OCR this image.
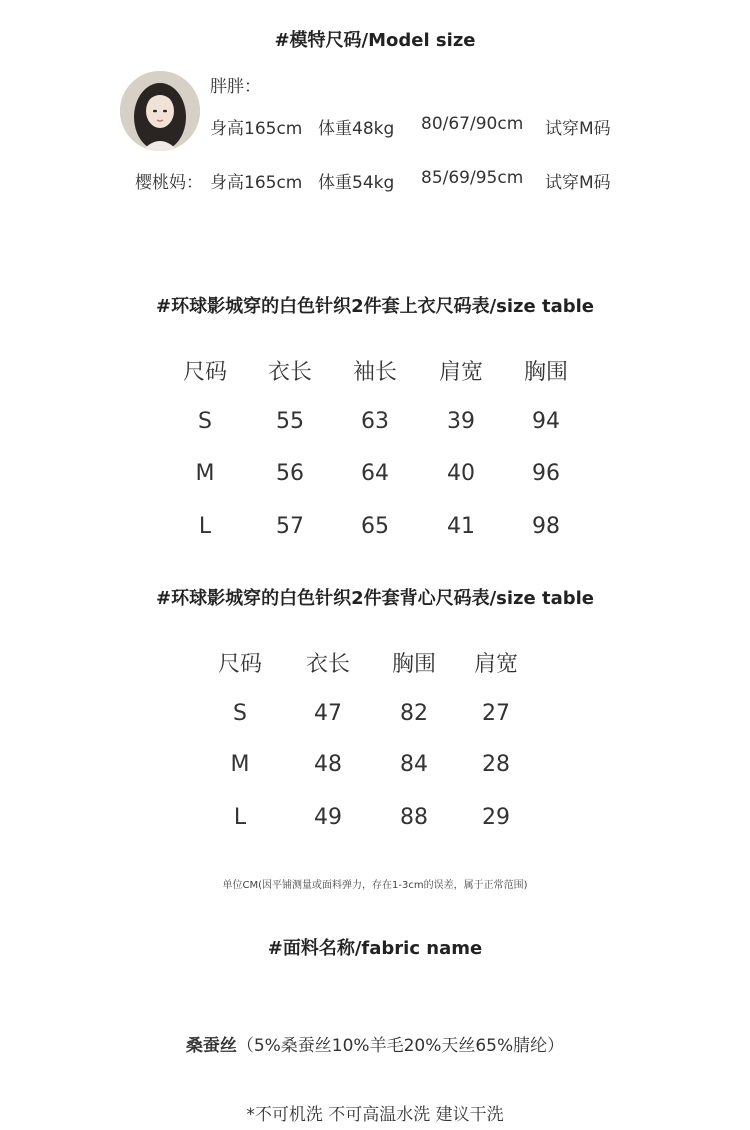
#模特尺码/Model size
胖胖：
身高165cm 体重48kg 80/67/90cm 试穿M码
樱桃妈： 身高165cm 体重54kg 85/69/95cm 试穿M码
#环球影城穿的白色针织2件套上衣尺码表/size table
尺码	衣长	袖长	肩宽	胸围
S	55	63	39	94
M	56	64	40	96
L	57	65	41	98
#环球影城穿的白色针织2件套背心尺码表/size table
尺码	衣长	胸围	肩宽
S	47	82	27
M	48	84	28
L	49	88	29
单位CM(因平铺测量或面料弹力，存在1-3cm的误差，属于正常范围)
#面料名称/fabric name
桑蚕丝（5%桑蚕丝10%羊毛20%天丝65%腈纶）
*不可机洗 不可高温水洗 建议干洗
